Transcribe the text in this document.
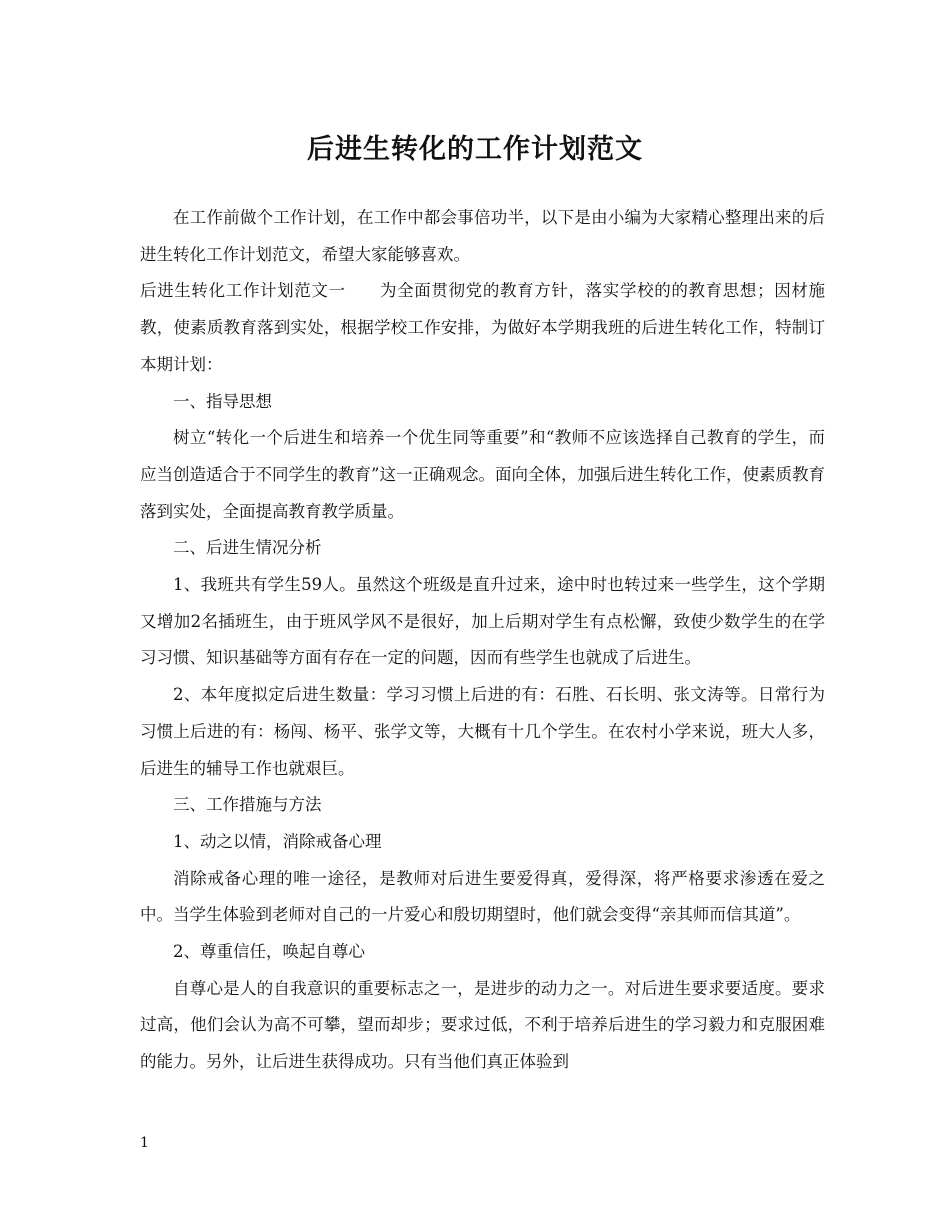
后进生转化的工作计划范文

在工作前做个工作计划，在工作中都会事倍功半，以下是由小编为大家精心整理出来的后进生转化工作计划范文，希望大家能够喜欢。

后进生转化工作计划范文一　　为全面贯彻党的教育方针，落实学校的的教育思想；因材施教，使素质教育落到实处，根据学校工作安排，为做好本学期我班的后进生转化工作，特制订本期计划：

一、指导思想

树立“转化一个后进生和培养一个优生同等重要”和“教师不应该选择自己教育的学生，而应当创造适合于不同学生的教育”这一正确观念。面向全体，加强后进生转化工作，使素质教育落到实处，全面提高教育教学质量。

二、后进生情况分析

1、我班共有学生59人。虽然这个班级是直升过来，途中时也转过来一些学生，这个学期又增加2名插班生，由于班风学风不是很好，加上后期对学生有点松懈，致使少数学生的在学习习惯、知识基础等方面有存在一定的问题，因而有些学生也就成了后进生。

2、本年度拟定后进生数量：学习习惯上后进的有：石胜、石长明、张文涛等。日常行为习惯上后进的有：杨闯、杨平、张学文等，大概有十几个学生。在农村小学来说，班大人多，后进生的辅导工作也就艰巨。

三、工作措施与方法

1、动之以情，消除戒备心理

消除戒备心理的唯一途径，是教师对后进生要爱得真，爱得深，将严格要求渗透在爱之中。当学生体验到老师对自己的一片爱心和殷切期望时，他们就会变得“亲其师而信其道”。

2、尊重信任，唤起自尊心

自尊心是人的自我意识的重要标志之一，是进步的动力之一。对后进生要求要适度。要求过高，他们会认为高不可攀，望而却步；要求过低，不利于培养后进生的学习毅力和克服困难的能力。另外，让后进生获得成功。只有当他们真正体验到

1
